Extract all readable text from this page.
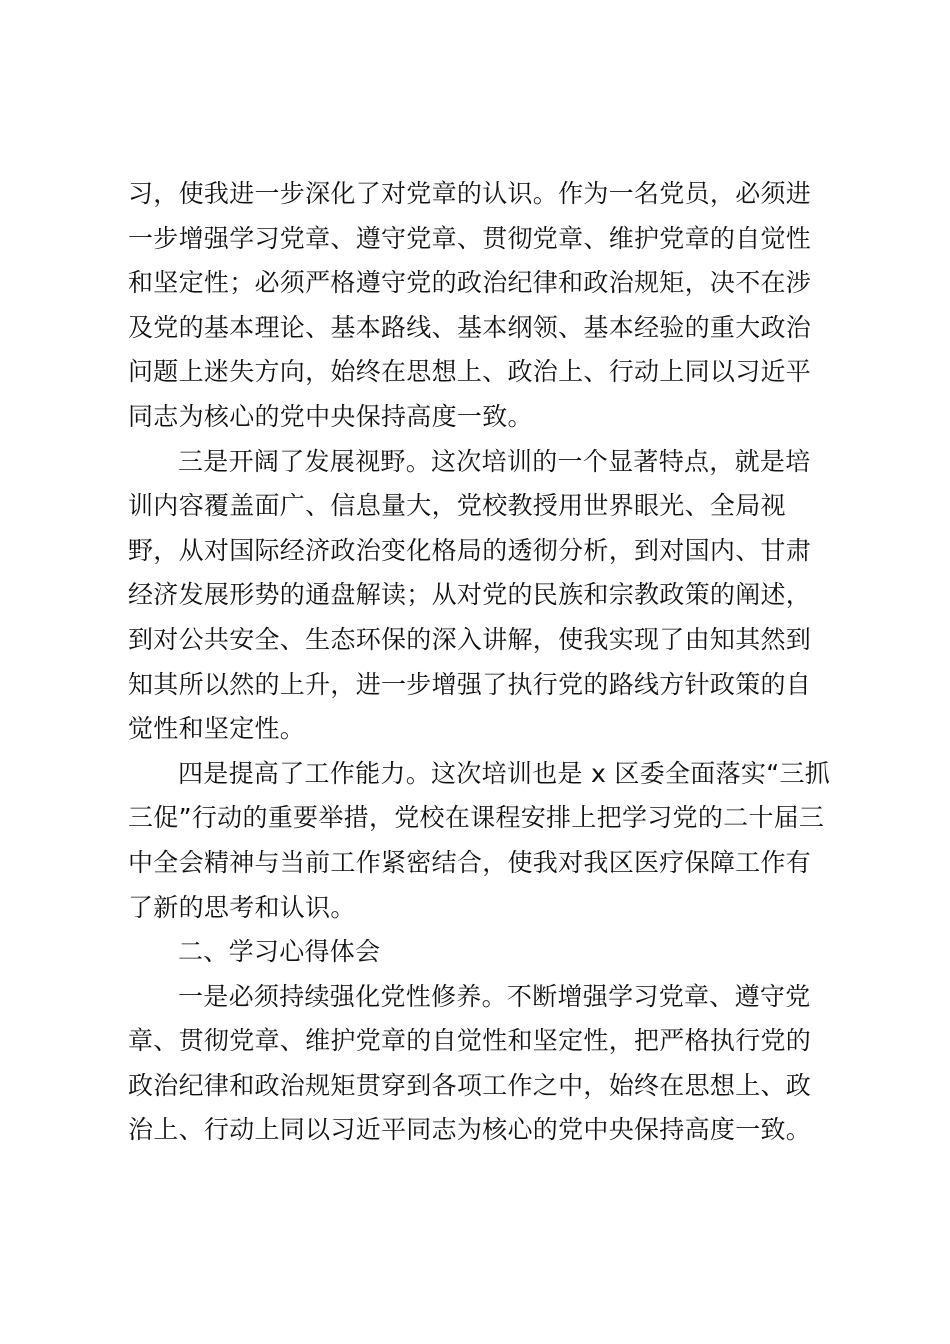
习，使我进一步深化了对党章的认识。作为一名党员，必须进
一步增强学习党章、遵守党章、贯彻党章、维护党章的自觉性
和坚定性；必须严格遵守党的政治纪律和政治规矩，决不在涉
及党的基本理论、基本路线、基本纲领、基本经验的重大政治
问题上迷失方向，始终在思想上、政治上、行动上同以习近平
同志为核心的党中央保持高度一致。
三是开阔了发展视野。这次培训的一个显著特点，就是培
训内容覆盖面广、信息量大，党校教授用世界眼光、全局视
野，从对国际经济政治变化格局的透彻分析，到对国内、甘肃
经济发展形势的通盘解读；从对党的民族和宗教政策的阐述，
到对公共安全、生态环保的深入讲解，使我实现了由知其然到
知其所以然的上升，进一步增强了执行党的路线方针政策的自
觉性和坚定性。
四是提高了工作能力。这次培训也是 x 区委全面落实“三抓
三促”行动的重要举措，党校在课程安排上把学习党的二十届三
中全会精神与当前工作紧密结合，使我对我区医疗保障工作有
了新的思考和认识。
二、学习心得体会
一是必须持续强化党性修养。不断增强学习党章、遵守党
章、贯彻党章、维护党章的自觉性和坚定性，把严格执行党的
政治纪律和政治规矩贯穿到各项工作之中，始终在思想上、政
治上、行动上同以习近平同志为核心的党中央保持高度一致。
